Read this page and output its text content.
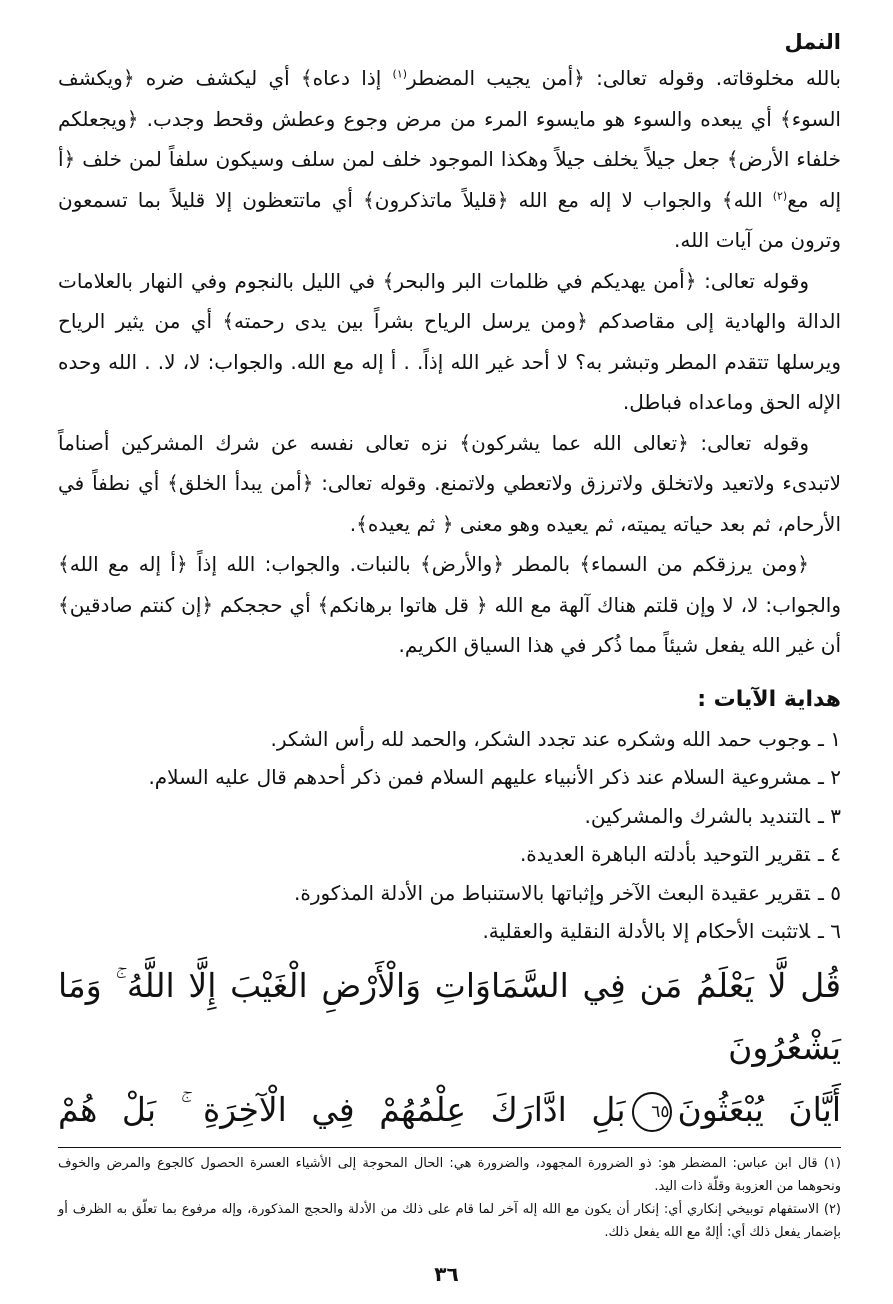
النمل

بالله مخلوقاته. وقوله تعالى: ﴿أمن يجيب المضطر$^{(١)}$ إذا دعاه﴾ أي ليكشف ضره ﴿ويكشف السوء﴾ أي يبعده والسوء هو مايسوء المرء من مرض وجوع وعطش وقحط وجدب. ﴿ويجعلكم خلفاء الأرض﴾ جعل جيلاً يخلف جيلاً وهكذا الموجود خلف لمن سلف وسيكون سلفاً لمن خلف ﴿أ إله مع$^{(٢)}$ الله﴾ والجواب لا إله مع الله ﴿قليلاً ماتذكرون﴾ أي ماتتعظون إلا قليلاً بما تسمعون وترون من آيات الله.

وقوله تعالى: ﴿أمن يهديكم في ظلمات البر والبحر﴾ في الليل بالنجوم وفي النهار بالعلامات الدالة والهادية إلى مقاصدكم ﴿ومن يرسل الرياح بشراً بين يدى رحمته﴾ أي من يثير الرياح ويرسلها تتقدم المطر وتبشر به؟ لا أحد غير الله إذاً. . أ إله مع الله. والجواب: لا، لا. . الله وحده الإله الحق وماعداه فباطل.

وقوله تعالى: ﴿تعالى الله عما يشركون﴾ نزه تعالى نفسه عن شرك المشركين أصناماً لاتبدىء ولاتعيد ولاتخلق ولاترزق ولاتعطي ولاتمنع. وقوله تعالى: ﴿أمن يبدأ الخلق﴾ أي نطفاً في الأرحام، ثم بعد حياته يميته، ثم يعيده وهو معنى ﴿ ثم يعيده﴾.

﴿ومن يرزقكم من السماء﴾ بالمطر ﴿والأرض﴾ بالنبات. والجواب: الله إذاً ﴿أ إله مع الله﴾ والجواب: لا، لا وإن قلتم هناك آلهة مع الله ﴿ قل هاتوا برهانكم﴾ أي حججكم ﴿إن كنتم صادقين﴾ أن غير الله يفعل شيئاً مما ذُكر في هذا السياق الكريم.

هداية الآيات :
١ ـوجوب حمد الله وشكره عند تجدد الشكر، والحمد لله رأس الشكر.
٢ ـمشروعية السلام عند ذكر الأنبياء عليهم السلام فمن ذكر أحدهم قال عليه السلام.
٣ ـالتنديد بالشرك والمشركين.
٤ ـتقرير التوحيد بأدلته الباهرة العديدة.
٥ ـتقرير عقيدة البعث الآخر وإثباتها بالاستنباط من الأدلة المذكورة.
٦ ـلاتثبت الأحكام إلا بالأدلة النقلية والعقلية.
قُل لَّا يَعْلَمُ مَن فِي السَّمَاوَاتِ وَالْأَرْضِ الْغَيْبَ إِلَّا اللَّهُ ۚ وَمَا يَشْعُرُونَ
أَيَّانَ يُبْعَثُونَ٦٥بَلِ ادَّارَكَ عِلْمُهُمْ فِي الْآخِرَةِ ۚ بَلْ هُمْ

(١) قال ابن عباس: المضطر هو: ذو الضرورة المجهود، والضرورة هي: الحال المحوجة إلى الأشياء العسرة الحصول كالجوع والمرض والخوف ونحوهما من العزوبة وقلّة ذات اليد.

(٢) الاستفهام توبيخي إنكاري أي: إنكار أن يكون مع الله إله آخر لما قام على ذلك من الأدلة والحجج المذكورة، وإله مرفوع بما تعلّق به الظرف أو بإضمار يفعل ذلك أي: أإلهٌ مع الله يفعل ذلك.

٣٦
